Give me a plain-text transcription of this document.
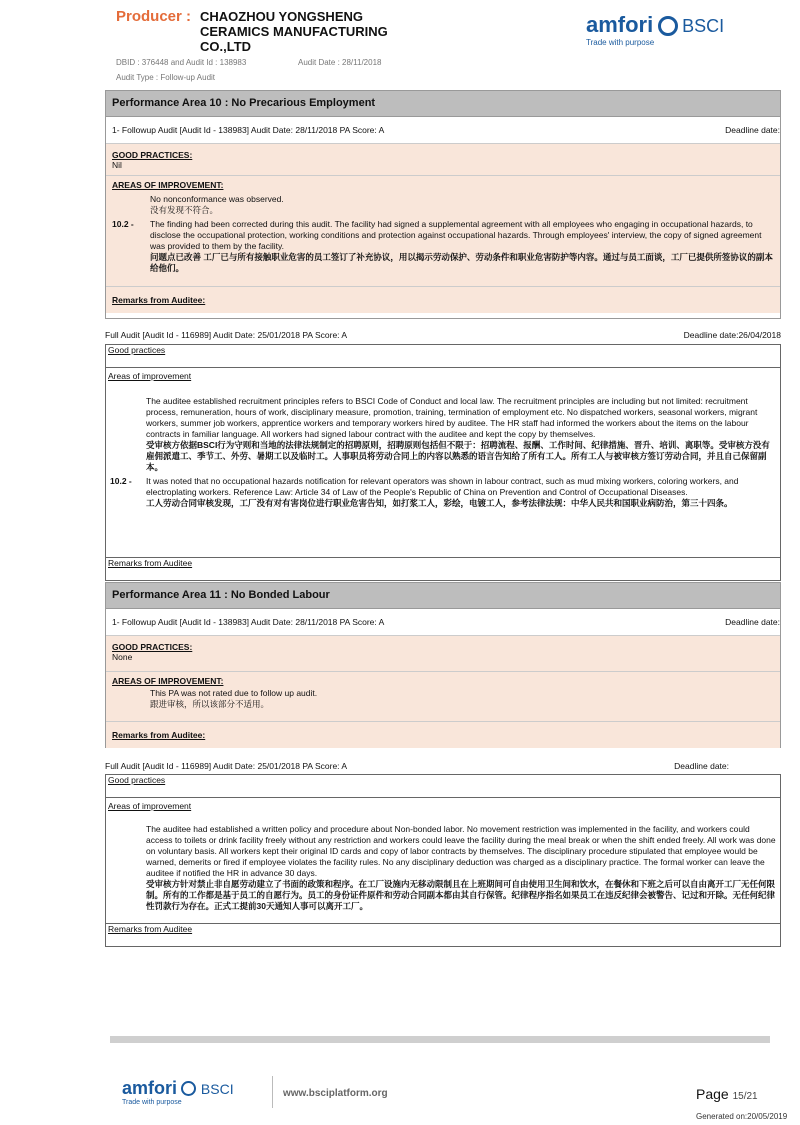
Producer : CHAOZHOU YONGSHENG
CERAMICS MANUFACTURING
CO.,LTD
DBID : 376448 and Audit Id : 138983	Audit Date : 28/11/2018
Audit Type : Follow-up Audit
amfori BSCI
Trade with purpose
Performance Area 10 : No Precarious Employment
1- Followup Audit [Audit Id - 138983] Audit Date: 28/11/2018 PA Score: A	Deadline date:
GOOD PRACTICES:
Nil
AREAS OF IMPROVEMENT:
No nonconformance was observed.
没有发现不符合。
10.2 - The finding had been corrected during this audit. The facility had signed a supplemental agreement with all employees who engaging in occupational hazards, to disclose the occupational protection, working conditions and protection against occupational hazards. Through employees' interview, the copy of signed agreement was provided to them by the facility.
问题点已改善 工厂已与所有接触职业危害的员工签订了补充协议，用以揭示劳动保护、劳动条件和职业危害防护等内容。通过与员工面谈，工厂已提供所签协议的副本给他们。
Remarks from Auditee:
Full Audit [Audit Id - 116989] Audit Date: 25/01/2018 PA Score: A	Deadline date:26/04/2018
Good practices
Areas of improvement
The auditee established recruitment principles refers to BSCI Code of Conduct and local law. The recruitment principles are including but not limited: recruitment process, remuneration, hours of work, disciplinary measure, promotion, training, termination of employment etc. No dispatched workers, seasonal workers, migrant workers, summer job workers, apprentice workers and temporary workers hired by auditee. The HR staff had informed the workers about the items on the labour contracts in familiar language. All workers had signed labour contract with the auditee and kept the copy by themselves.
受审核方依据BSCI行为守则和当地的法律法规制定的招聘原则，招聘原则包括但不限于：招聘流程、报酬、工作时间、纪律措施、晋升、培训、离职等。受审核方没有雇佣派遣工、季节工、外劳、暑期工以及临时工。人事职员将劳动合同上的内容以熟悉的语言告知给了所有工人。所有工人与被审核方签订劳动合同，并且自己保留副本。
10.2 - It was noted that no occupational hazards notification for relevant operators was shown in labour contract, such as mud mixing workers, coloring workers, and electroplating workers. Reference Law: Article 34 of Law of the People's Republic of China on Prevention and Control of Occupational Diseases.
工人劳动合同审核发现，工厂没有对有害岗位进行职业危害告知，如打浆工人，彩绘，电镀工人，参考法律法规：中华人民共和国职业病防治，第三十四条。
Remarks from Auditee
Performance Area 11 : No Bonded Labour
1- Followup Audit [Audit Id - 138983] Audit Date: 28/11/2018 PA Score: A	Deadline date:
GOOD PRACTICES:
None
AREAS OF IMPROVEMENT:
This PA was not rated due to follow up audit.
跟进审核，所以该部分不适用。
Remarks from Auditee:
Full Audit [Audit Id - 116989] Audit Date: 25/01/2018 PA Score: A	Deadline date:
Good practices
Areas of improvement
The auditee had established a written policy and procedure about Non-bonded labor. No movement restriction was implemented in the facility, and workers could access to toilets or drink facility freely without any restriction and workers could leave the facility during the meal break or when the shift ended freely. All work was done on voluntary basis. All workers kept their original ID cards and copy of labor contracts by themselves. The disciplinary procedure stipulated that employee would be warned, demerits or fired if employee violates the facility rules. No any disciplinary deduction was charged as a disciplinary practice. The formal worker can leave the auditee if notified the HR in advance 30 days.
受审核方针对禁止非自愿劳动建立了书面的政策和程序。在工厂设施内无移动限制且在上班期间可自由使用卫生间和饮水，在餐休和下班之后可以自由离开工厂无任何限制。所有的工作都是基于员工的自愿行为。员工的身份证件原件和劳动合同副本都由其自行保管。纪律程序指名如果员工在违反纪律会被警告、记过和开除。无任何纪律性罚款行为存在。正式工提前30天通知人事可以离开工厂。
Remarks from Auditee
amfori BSCI
Trade with purpose
www.bsciplatform.org	Page 15/21
Generated on:20/05/2019
